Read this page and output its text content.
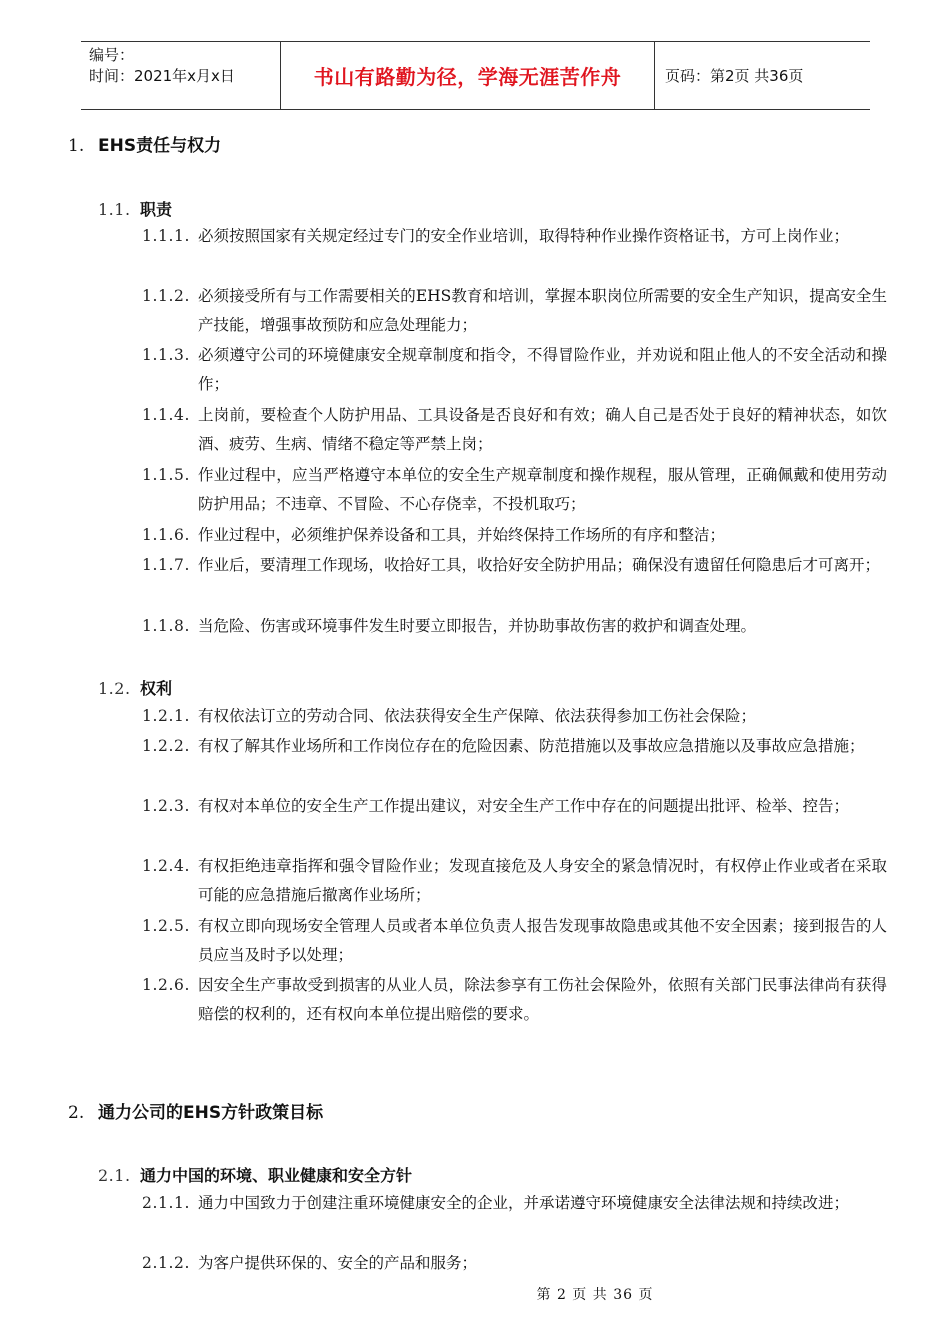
编号：
时间：2021年x月x日	书山有路勤为径，学海无涯苦作舟	页码：第2页 共36页
1. EHS责任与权力
1.1. 职责
1.1.1. 必须按照国家有关规定经过专门的安全作业培训，取得特种作业操作资格证书，方可上岗作业；
1.1.2. 必须接受所有与工作需要相关的EHS教育和培训，掌握本职岗位所需要的安全生产知识，提高安全生产技能，增强事故预防和应急处理能力；
1.1.3. 必须遵守公司的环境健康安全规章制度和指令，不得冒险作业，并劝说和阻止他人的不安全活动和操作；
1.1.4. 上岗前，要检查个人防护用品、工具设备是否良好和有效；确人自己是否处于良好的精神状态，如饮酒、疲劳、生病、情绪不稳定等严禁上岗；
1.1.5. 作业过程中，应当严格遵守本单位的安全生产规章制度和操作规程，服从管理，正确佩戴和使用劳动防护用品；不违章、不冒险、不心存侥幸，不投机取巧；
1.1.6. 作业过程中，必须维护保养设备和工具，并始终保持工作场所的有序和整洁；
1.1.7. 作业后，要清理工作现场，收拾好工具，收拾好安全防护用品；确保没有遗留任何隐患后才可离开；
1.1.8. 当危险、伤害或环境事件发生时要立即报告，并协助事故伤害的救护和调查处理。
1.2. 权利
1.2.1. 有权依法订立的劳动合同、依法获得安全生产保障、依法获得参加工伤社会保险；
1.2.2. 有权了解其作业场所和工作岗位存在的危险因素、防范措施以及事故应急措施以及事故应急措施；
1.2.3. 有权对本单位的安全生产工作提出建议，对安全生产工作中存在的问题提出批评、检举、控告；
1.2.4. 有权拒绝违章指挥和强令冒险作业；发现直接危及人身安全的紧急情况时，有权停止作业或者在采取可能的应急措施后撤离作业场所；
1.2.5. 有权立即向现场安全管理人员或者本单位负责人报告发现事故隐患或其他不安全因素；接到报告的人员应当及时予以处理；
1.2.6. 因安全生产事故受到损害的从业人员，除法参享有工伤社会保险外，依照有关部门民事法律尚有获得赔偿的权利的，还有权向本单位提出赔偿的要求。
2. 通力公司的EHS方针政策目标
2.1. 通力中国的环境、职业健康和安全方针
2.1.1. 通力中国致力于创建注重环境健康安全的企业，并承诺遵守环境健康安全法律法规和持续改进；
2.1.2. 为客户提供环保的、安全的产品和服务；
第 2 页 共 36 页
